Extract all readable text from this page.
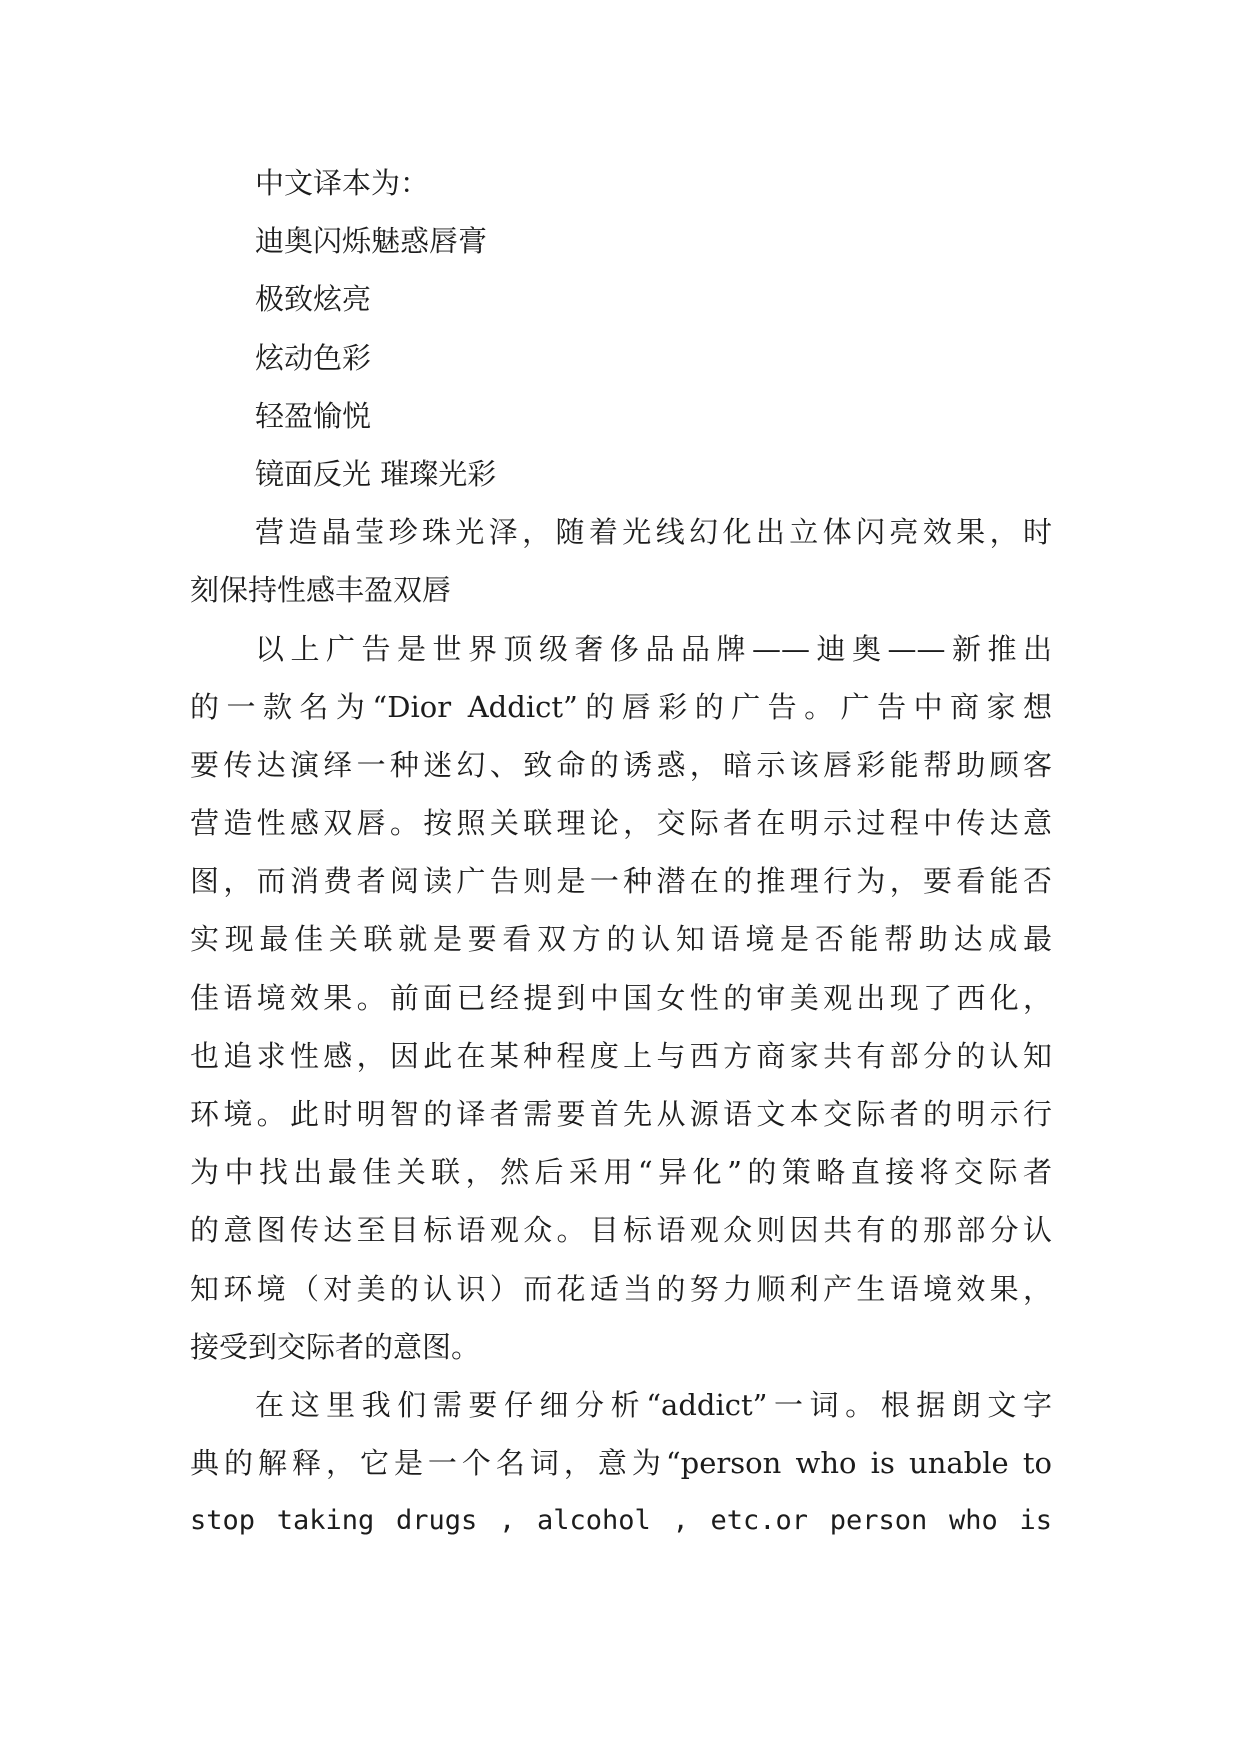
中文译本为：
迪奥闪烁魅惑唇膏
极致炫亮
炫动色彩
轻盈愉悦
镜面反光 璀璨光彩
营造晶莹珍珠光泽，随着光线幻化出立体闪亮效果，时
刻保持性感丰盈双唇
以上广告是世界顶级奢侈品品牌——迪奥——新推出
的一款名为“Dior Addict”的唇彩的广告。广告中商家想
要传达演绎一种迷幻、致命的诱惑，暗示该唇彩能帮助顾客
营造性感双唇。按照关联理论，交际者在明示过程中传达意
图，而消费者阅读广告则是一种潜在的推理行为，要看能否
实现最佳关联就是要看双方的认知语境是否能帮助达成最
佳语境效果。前面已经提到中国女性的审美观出现了西化，
也追求性感，因此在某种程度上与西方商家共有部分的认知
环境。此时明智的译者需要首先从源语文本交际者的明示行
为中找出最佳关联，然后采用“异化”的策略直接将交际者
的意图传达至目标语观众。目标语观众则因共有的那部分认
知环境（对美的认识）而花适当的努力顺利产生语境效果，
接受到交际者的意图。
在这里我们需要仔细分析“addict”一词。根据朗文字
典的解释，它是一个名词，意为“person who is unable to
stop taking drugs , alcohol , etc.or person who is
